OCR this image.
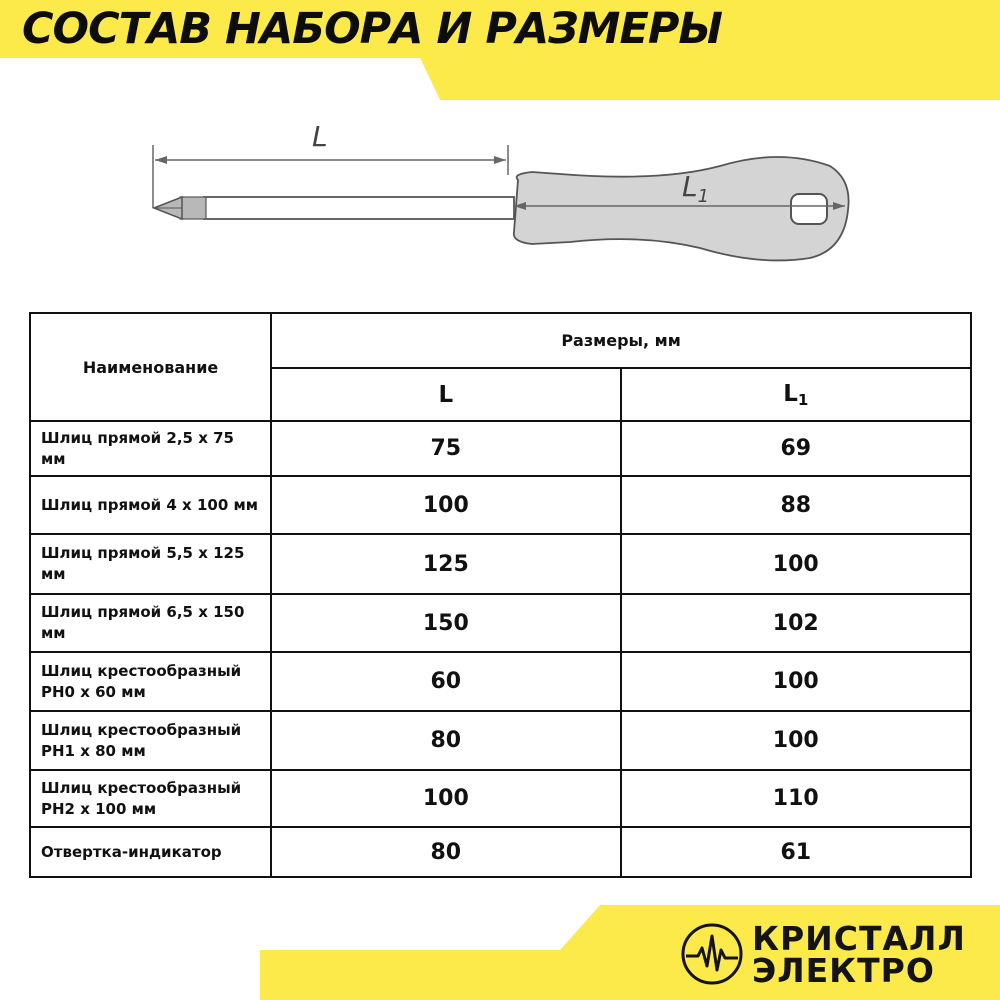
СОСТАВ НАБОРА И РАЗМЕРЫ
L
$L_1$
Наименование	Размеры, мм	
	L	$L_1$
Шлиц прямой 2,5 х 75 мм	75	69
Шлиц прямой 4 х 100 мм	100	88
Шлиц прямой 5,5 х 125 мм	125	100
Шлиц прямой 6,5 х 150 мм	150	102
Шлиц крестообразный
PH0 х 60 мм	60	100
Шлиц крестообразный
PH1 х 80 мм	80	100
Шлиц крестообразный
PH2 х 100 мм	100	110
Отвертка-индикатор	80	61
КРИСТАЛЛ
ЭЛЕКТРО
